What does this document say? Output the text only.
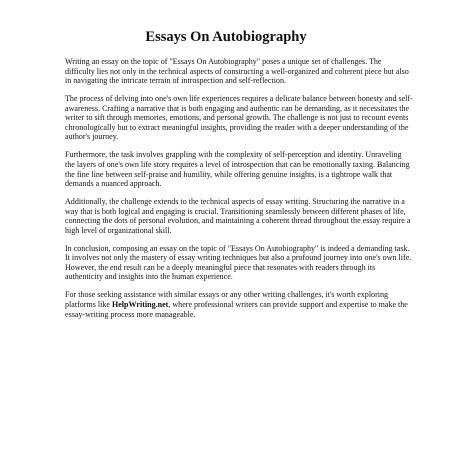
Essays On Autobiography

Writing an essay on the topic of "Essays On Autobiography" poses a unique set of challenges. The difficulty lies not only in the technical aspects of constructing a well-organized and coherent piece but also in navigating the intricate terrain of introspection and self-reflection.

The process of delving into one's own life experiences requires a delicate balance between honesty and self-awareness. Crafting a narrative that is both engaging and authentic can be demanding, as it necessitates the writer to sift through memories, emotions, and personal growth. The challenge is not just to recount events chronologically but to extract meaningful insights, providing the reader with a deeper understanding of the author's journey.

Furthermore, the task involves grappling with the complexity of self-perception and identity. Unraveling the layers of one's own life story requires a level of introspection that can be emotionally taxing. Balancing the fine line between self-praise and humility, while offering genuine insights, is a tightrope walk that demands a nuanced approach.

Additionally, the challenge extends to the technical aspects of essay writing. Structuring the narrative in a way that is both logical and engaging is crucial. Transitioning seamlessly between different phases of life, connecting the dots of personal evolution, and maintaining a coherent thread throughout the essay require a high level of organizational skill.

In conclusion, composing an essay on the topic of "Essays On Autobiography" is indeed a demanding task. It involves not only the mastery of essay writing techniques but also a profound journey into one's own life. However, the end result can be a deeply meaningful piece that resonates with readers through its authenticity and insights into the human experience.

For those seeking assistance with similar essays or any other writing challenges, it's worth exploring platforms like HelpWriting.net, where professional writers can provide support and expertise to make the essay-writing process more manageable.
